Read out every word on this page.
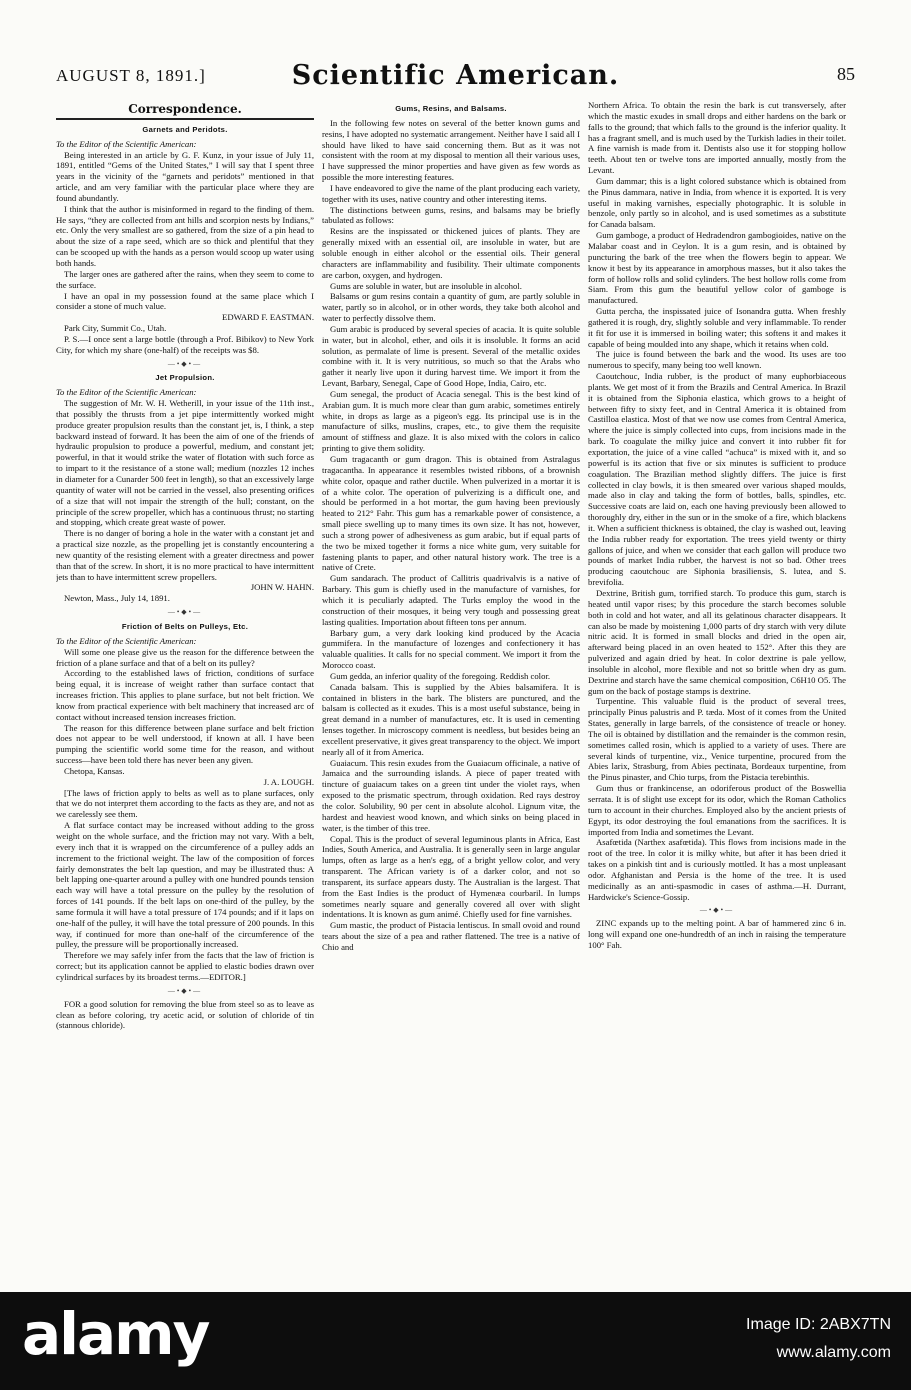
AUGUST 8, 1891.]	Scientific American.	85
Correspondence.
Garnets and Peridots.

To the Editor of the Scientific American:

Being interested in an article by G. F. Kunz, in your issue of July 11, 1891, entitled “Gems of the United States,” I will say that I spent three years in the vicinity of the “garnets and peridots” mentioned in that article, and am very familiar with the particular place where they are found abundantly.

I think that the author is misinformed in regard to the finding of them. He says, “they are collected from ant hills and scorpion nests by Indians,” etc. Only the very smallest are so gathered, from the size of a pin head to about the size of a rape seed, which are so thick and plentiful that they can be scooped up with the hands as a person would scoop up water using both hands.

The larger ones are gathered after the rains, when they seem to come to the surface.

I have an opal in my possession found at the same place which I consider a stone of much value.

EDWARD F. EASTMAN.

Park City, Summit Co., Utah.

P. S.—I once sent a large bottle (through a Prof. Bibikov) to New York City, for which my share (one-half) of the receipts was $8.

—•◆•—
Jet Propulsion.

To the Editor of the Scientific American:

The suggestion of Mr. W. H. Wetherill, in your issue of the 11th inst., that possibly the thrusts from a jet pipe intermittently worked might produce greater propulsion results than the constant jet, is, I think, a step backward instead of forward. It has been the aim of one of the friends of hydraulic propulsion to produce a powerful, medium, and constant jet; powerful, in that it would strike the water of flotation with such force as to impart to it the resistance of a stone wall; medium (nozzles 12 inches in diameter for a Cunarder 500 feet in length), so that an excessively large quantity of water will not be carried in the vessel, also presenting orifices of a size that will not impair the strength of the hull; constant, on the principle of the screw propeller, which has a continuous thrust; no starting and stopping, which create great waste of power.

There is no danger of boring a hole in the water with a constant jet and a practical size nozzle, as the propelling jet is constantly encountering a new quantity of the resisting element with a greater directness and power than that of the screw. In short, it is no more practical to have intermittent jets than to have intermittent screw propellers.

JOHN W. HAHN.

Newton, Mass., July 14, 1891.

—•◆•—
Friction of Belts on Pulleys, Etc.

To the Editor of the Scientific American:

Will some one please give us the reason for the difference between the friction of a plane surface and that of a belt on its pulley?

According to the established laws of friction, conditions of surface being equal, it is increase of weight rather than surface contact that increases friction. This applies to plane surface, but not belt friction. We know from practical experience with belt machinery that increased arc of contact without increased tension increases friction.

The reason for this difference between plane surface and belt friction does not appear to be well understood, if known at all. I have been pumping the scientific world some time for the reason, and without success—have been told there has never been any given.

Chetopa, Kansas.

J. A. LOUGH.

[The laws of friction apply to belts as well as to plane surfaces, only that we do not interpret them according to the facts as they are, and not as we carelessly see them.

A flat surface contact may be increased without adding to the gross weight on the whole surface, and the friction may not vary. With a belt, every inch that it is wrapped on the circumference of a pulley adds an increment to the frictional weight. The law of the composition of forces fairly demonstrates the belt lap question, and may be illustrated thus: A belt lapping one-quarter around a pulley with one hundred pounds tension each way will have a total pressure on the pulley by the resolution of forces of 141 pounds. If the belt laps on one-third of the pulley, by the same formula it will have a total pressure of 174 pounds; and if it laps on one-half of the pulley, it will have the total pressure of 200 pounds. In this way, if continued for more than one-half of the circumference of the pulley, the pressure will be proportionally increased.

Therefore we may safely infer from the facts that the law of friction is correct; but its application cannot be applied to elastic bodies drawn over cylindrical surfaces by its broadest terms.—EDITOR.]

—•◆•—

FOR a good solution for removing the blue from steel so as to leave as clean as before coloring, try acetic acid, or solution of chloride of tin (stannous chloride).

Gums, Resins, and Balsams.

In the following few notes on several of the better known gums and resins, I have adopted no systematic arrangement. Neither have I said all I should have liked to have said concerning them. But as it was not consistent with the room at my disposal to mention all their various uses, I have suppressed the minor properties and have given as few words as possible the more interesting features.

I have endeavored to give the name of the plant producing each variety, together with its uses, native country and other interesting items.

The distinctions between gums, resins, and balsams may be briefly tabulated as follows:

Resins are the inspissated or thickened juices of plants. They are generally mixed with an essential oil, are insoluble in water, but are soluble enough in either alcohol or the essential oils. Their general characters are inflammability and fusibility. Their ultimate components are carbon, oxygen, and hydrogen.

Gums are soluble in water, but are insoluble in alcohol.

Balsams or gum resins contain a quantity of gum, are partly soluble in water, partly so in alcohol, or in other words, they take both alcohol and water to perfectly dissolve them.

Gum arabic is produced by several species of acacia. It is quite soluble in water, but in alcohol, ether, and oils it is insoluble. It forms an acid solution, as permalate of lime is present. Several of the metallic oxides combine with it. It is very nutritious, so much so that the Arabs who gather it nearly live upon it during harvest time. We import it from the Levant, Barbary, Senegal, Cape of Good Hope, India, Cairo, etc.

Gum senegal, the product of Acacia senegal. This is the best kind of Arabian gum. It is much more clear than gum arabic, sometimes entirely white, in drops as large as a pigeon's egg. Its principal use is in the manufacture of silks, muslins, crapes, etc., to give them the requisite amount of stiffness and glaze. It is also mixed with the colors in calico printing to give them solidity.

Gum tragacanth or gum dragon. This is obtained from Astralagus tragacantha. In appearance it resembles twisted ribbons, of a brownish white color, opaque and rather ductile. When pulverized in a mortar it is of a white color. The operation of pulverizing is a difficult one, and should be performed in a hot mortar, the gum having been previously heated to 212° Fahr. This gum has a remarkable power of consistence, a small piece swelling up to many times its own size. It has not, however, such a strong power of adhesiveness as gum arabic, but if equal parts of the two be mixed together it forms a nice white gum, very suitable for fastening plants to paper, and other natural history work. The tree is a native of Crete.

Gum sandarach. The product of Callitris quadrivalvis is a native of Barbary. This gum is chiefly used in the manufacture of varnishes, for which it is peculiarly adapted. The Turks employ the wood in the construction of their mosques, it being very tough and possessing great lasting qualities. Importation about fifteen tons per annum.

Barbary gum, a very dark looking kind produced by the Acacia gummifera. In the manufacture of lozenges and confectionery it has valuable qualities. It calls for no special comment. We import it from the Morocco coast.

Gum gedda, an inferior quality of the foregoing. Reddish color.

Canada balsam. This is supplied by the Abies balsamifera. It is contained in blisters in the bark. The blisters are punctured, and the balsam is collected as it exudes. This is a most useful substance, being in great demand in a number of manufactures, etc. It is used in cementing lenses together. In microscopy comment is needless, but besides being an excellent preservative, it gives great transparency to the object. We import nearly all of it from America.

Guaiacum. This resin exudes from the Guaiacum officinale, a native of Jamaica and the surrounding islands. A piece of paper treated with tincture of guaiacum takes on a green tint under the violet rays, when exposed to the prismatic spectrum, through oxidation. Red rays destroy the color. Solubility, 90 per cent in absolute alcohol. Lignum vitæ, the hardest and heaviest wood known, and which sinks on being placed in water, is the timber of this tree.

Copal. This is the product of several leguminous plants in Africa, East Indies, South America, and Australia. It is generally seen in large angular lumps, often as large as a hen's egg, of a bright yellow color, and very transparent. The African variety is of a darker color, and not so transparent, its surface appears dusty. The Australian is the largest. That from the East Indies is the product of Hymenæa courbaril. In lumps sometimes nearly square and generally covered all over with slight indentations. It is known as gum animé. Chiefly used for fine varnishes.

Gum mastic, the product of Pistacia lentiscus. In small ovoid and round tears about the size of a pea and rather flattened. The tree is a native of Chio and

Northern Africa. To obtain the resin the bark is cut transversely, after which the mastic exudes in small drops and either hardens on the bark or falls to the ground; that which falls to the ground is the inferior quality. It has a fragrant smell, and is much used by the Turkish ladies in their toilet. A fine varnish is made from it. Dentists also use it for stopping hollow teeth. About ten or twelve tons are imported annually, mostly from the Levant.

Gum dammar; this is a light colored substance which is obtained from the Pinus dammara, native in India, from whence it is exported. It is very useful in making varnishes, especially photographic. It is soluble in benzole, only partly so in alcohol, and is used sometimes as a substitute for Canada balsam.

Gum gamboge, a product of Hedradendron gambogioides, native on the Malabar coast and in Ceylon. It is a gum resin, and is obtained by puncturing the bark of the tree when the flowers begin to appear. We know it best by its appearance in amorphous masses, but it also takes the form of hollow rolls and solid cylinders. The best hollow rolls come from Siam. From this gum the beautiful yellow color of gamboge is manufactured.

Gutta percha, the inspissated juice of Isonandra gutta. When freshly gathered it is rough, dry, slightly soluble and very inflammable. To render it fit for use it is immersed in boiling water; this softens it and makes it capable of being moulded into any shape, which it retains when cold.

The juice is found between the bark and the wood. Its uses are too numerous to specify, many being too well known.

Caoutchouc, India rubber, is the product of many euphorbiaceous plants. We get most of it from the Brazils and Central America. In Brazil it is obtained from the Siphonia elastica, which grows to a height of between fifty to sixty feet, and in Central America it is obtained from Castilloa elastica. Most of that we now use comes from Central America, where the juice is simply collected into cups, from incisions made in the bark. To coagulate the milky juice and convert it into rubber fit for exportation, the juice of a vine called “achuca” is mixed with it, and so powerful is its action that five or six minutes is sufficient to produce coagulation. The Brazilian method slightly differs. The juice is first collected in clay bowls, it is then smeared over various shaped moulds, made also in clay and taking the form of bottles, balls, spindles, etc. Successive coats are laid on, each one having previously been allowed to thoroughly dry, either in the sun or in the smoke of a fire, which blackens it. When a sufficient thickness is obtained, the clay is washed out, leaving the India rubber ready for exportation. The trees yield twenty or thirty gallons of juice, and when we consider that each gallon will produce two pounds of market India rubber, the harvest is not so bad. Other trees producing caoutchouc are Siphonia brasiliensis, S. lutea, and S. brevifolia.

Dextrine, British gum, torrified starch. To produce this gum, starch is heated until vapor rises; by this procedure the starch becomes soluble both in cold and hot water, and all its gelatinous character disappears. It can also be made by moistening 1,000 parts of dry starch with very dilute nitric acid. It is formed in small blocks and dried in the open air, afterward being placed in an oven heated to 152°. After this they are pulverized and again dried by heat. In color dextrine is pale yellow, insoluble in alcohol, more flexible and not so brittle when dry as gum. Dextrine and starch have the same chemical composition, C6H10 O5. The gum on the back of postage stamps is dextrine.

Turpentine. This valuable fluid is the product of several trees, principally Pinus palustris and P. tæda. Most of it comes from the United States, generally in large barrels, of the consistence of treacle or honey. The oil is obtained by distillation and the remainder is the common resin, sometimes called rosin, which is applied to a variety of uses. There are several kinds of turpentine, viz., Venice turpentine, procured from the Abies larix, Strasburg, from Abies pectinata, Bordeaux turpentine, from the Pinus pinaster, and Chio turps, from the Pistacia terebinthis.

Gum thus or frankincense, an odoriferous product of the Boswellia serrata. It is of slight use except for its odor, which the Roman Catholics turn to account in their churches. Employed also by the ancient priests of Egypt, its odor destroying the foul emanations from the sacrifices. It is imported from India and sometimes the Levant.

Asafœtida (Narthex asafœtida). This flows from incisions made in the root of the tree. In color it is milky white, but after it has been dried it takes on a pinkish tint and is curiously mottled. It has a most unpleasant odor. Afghanistan and Persia is the home of the tree. It is used medicinally as an anti-spasmodic in cases of asthma.—H. Durrant, Hardwicke's Science-Gossip.

—•◆•—

ZINC expands up to the melting point. A bar of hammered zinc 6 in. long will expand one one-hundredth of an inch in raising the temperature 100° Fah.

alamy	Image ID: 2ABX7TN
www.alamy.com
